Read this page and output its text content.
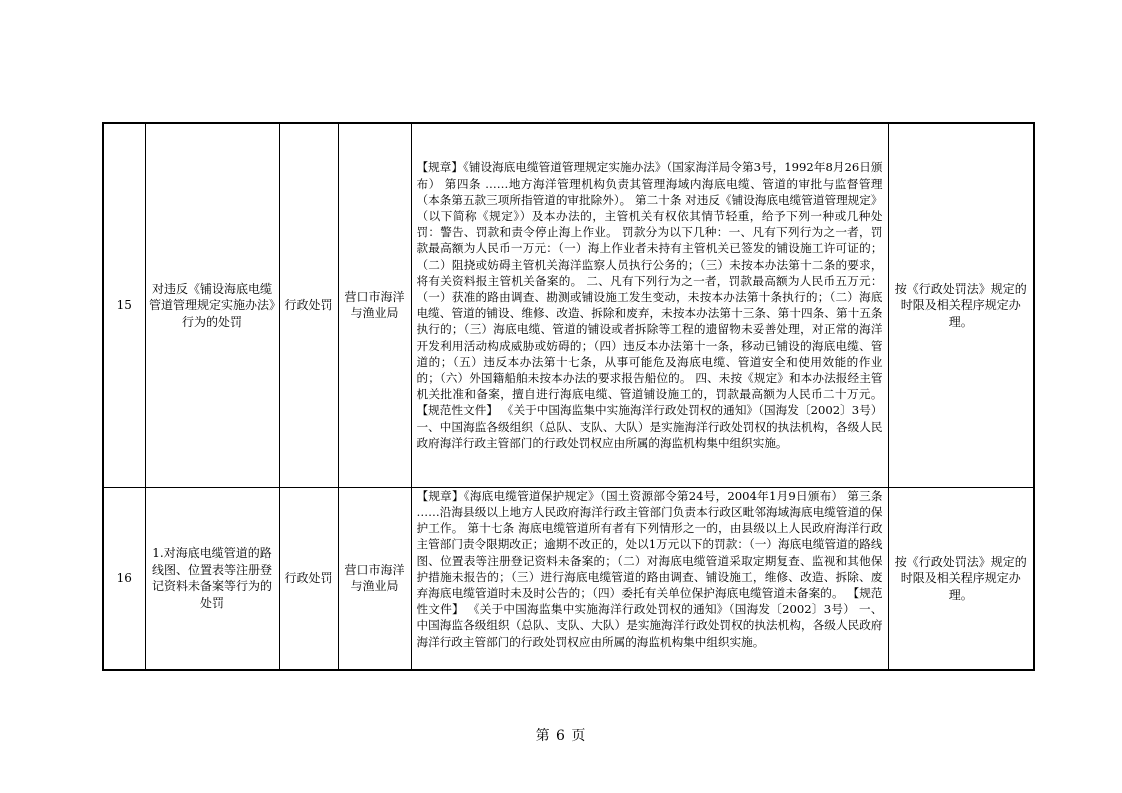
15	对违反《铺设海底电缆管道管理规定实施办法》行为的处罚	行政处罚	营口市海洋与渔业局	【规章】《铺设海底电缆管道管理规定实施办法》（国家海洋局令第3号，1992年8月26日颁布） 第四条 ……地方海洋管理机构负责其管理海域内海底电缆、管道的审批与监督管理（本条第五款三项所指管道的审批除外）。 第二十条 对违反《铺设海底电缆管道管理规定》（以下简称《规定》）及本办法的，主管机关有权依其情节轻重，给予下列一种或几种处罚：警告、罚款和责令停止海上作业。 罚款分为以下几种：一、凡有下列行为之一者，罚款最高额为人民币一万元：（一）海上作业者未持有主管机关已签发的铺设施工许可证的；（二）阻挠或妨碍主管机关海洋监察人员执行公务的；（三）未按本办法第十二条的要求，将有关资料报主管机关备案的。 二、凡有下列行为之一者，罚款最高额为人民币五万元：（一）获准的路由调查、勘测或铺设施工发生变动，未按本办法第十条执行的；（二）海底电缆、管道的铺设、维修、改造、拆除和废弃，未按本办法第十三条、第十四条、第十五条执行的；（三）海底电缆、管道的铺设或者拆除等工程的遗留物未妥善处理，对正常的海洋开发利用活动构成威胁或妨碍的；（四）违反本办法第十一条，移动已铺设的海底电缆、管道的；（五）违反本办法第十七条，从事可能危及海底电缆、管道安全和使用效能的作业的；（六）外国籍船舶未按本办法的要求报告船位的。 四、未按《规定》和本办法报经主管机关批准和备案，擅自进行海底电缆、管道铺设施工的，罚款最高额为人民币二十万元。 【规范性文件】 《关于中国海监集中实施海洋行政处罚权的通知》（国海发〔2002〕3号） 一、中国海监各级组织（总队、支队、大队）是实施海洋行政处罚权的执法机构，各级人民政府海洋行政主管部门的行政处罚权应由所属的海监机构集中组织实施。	按《行政处罚法》规定的时限及相关程序规定办理。
16	1.对海底电缆管道的路线图、位置表等注册登记资料未备案等行为的处罚	行政处罚	营口市海洋与渔业局	【规章】《海底电缆管道保护规定》（国土资源部令第24号，2004年1月9日颁布） 第三条 ……沿海县级以上地方人民政府海洋行政主管部门负责本行政区毗邻海域海底电缆管道的保护工作。 第十七条 海底电缆管道所有者有下列情形之一的，由县级以上人民政府海洋行政主管部门责令限期改正；逾期不改正的，处以1万元以下的罚款：（一）海底电缆管道的路线图、位置表等注册登记资料未备案的；（二）对海底电缆管道采取定期复查、监视和其他保护措施未报告的；（三）进行海底电缆管道的路由调查、铺设施工，维修、改造、拆除、废弃海底电缆管道时未及时公告的；（四）委托有关单位保护海底电缆管道未备案的。 【规范性文件】 《关于中国海监集中实施海洋行政处罚权的通知》（国海发〔2002〕3号） 一、中国海监各级组织（总队、支队、大队）是实施海洋行政处罚权的执法机构，各级人民政府海洋行政主管部门的行政处罚权应由所属的海监机构集中组织实施。	按《行政处罚法》规定的时限及相关程序规定办理。
第 6 页
